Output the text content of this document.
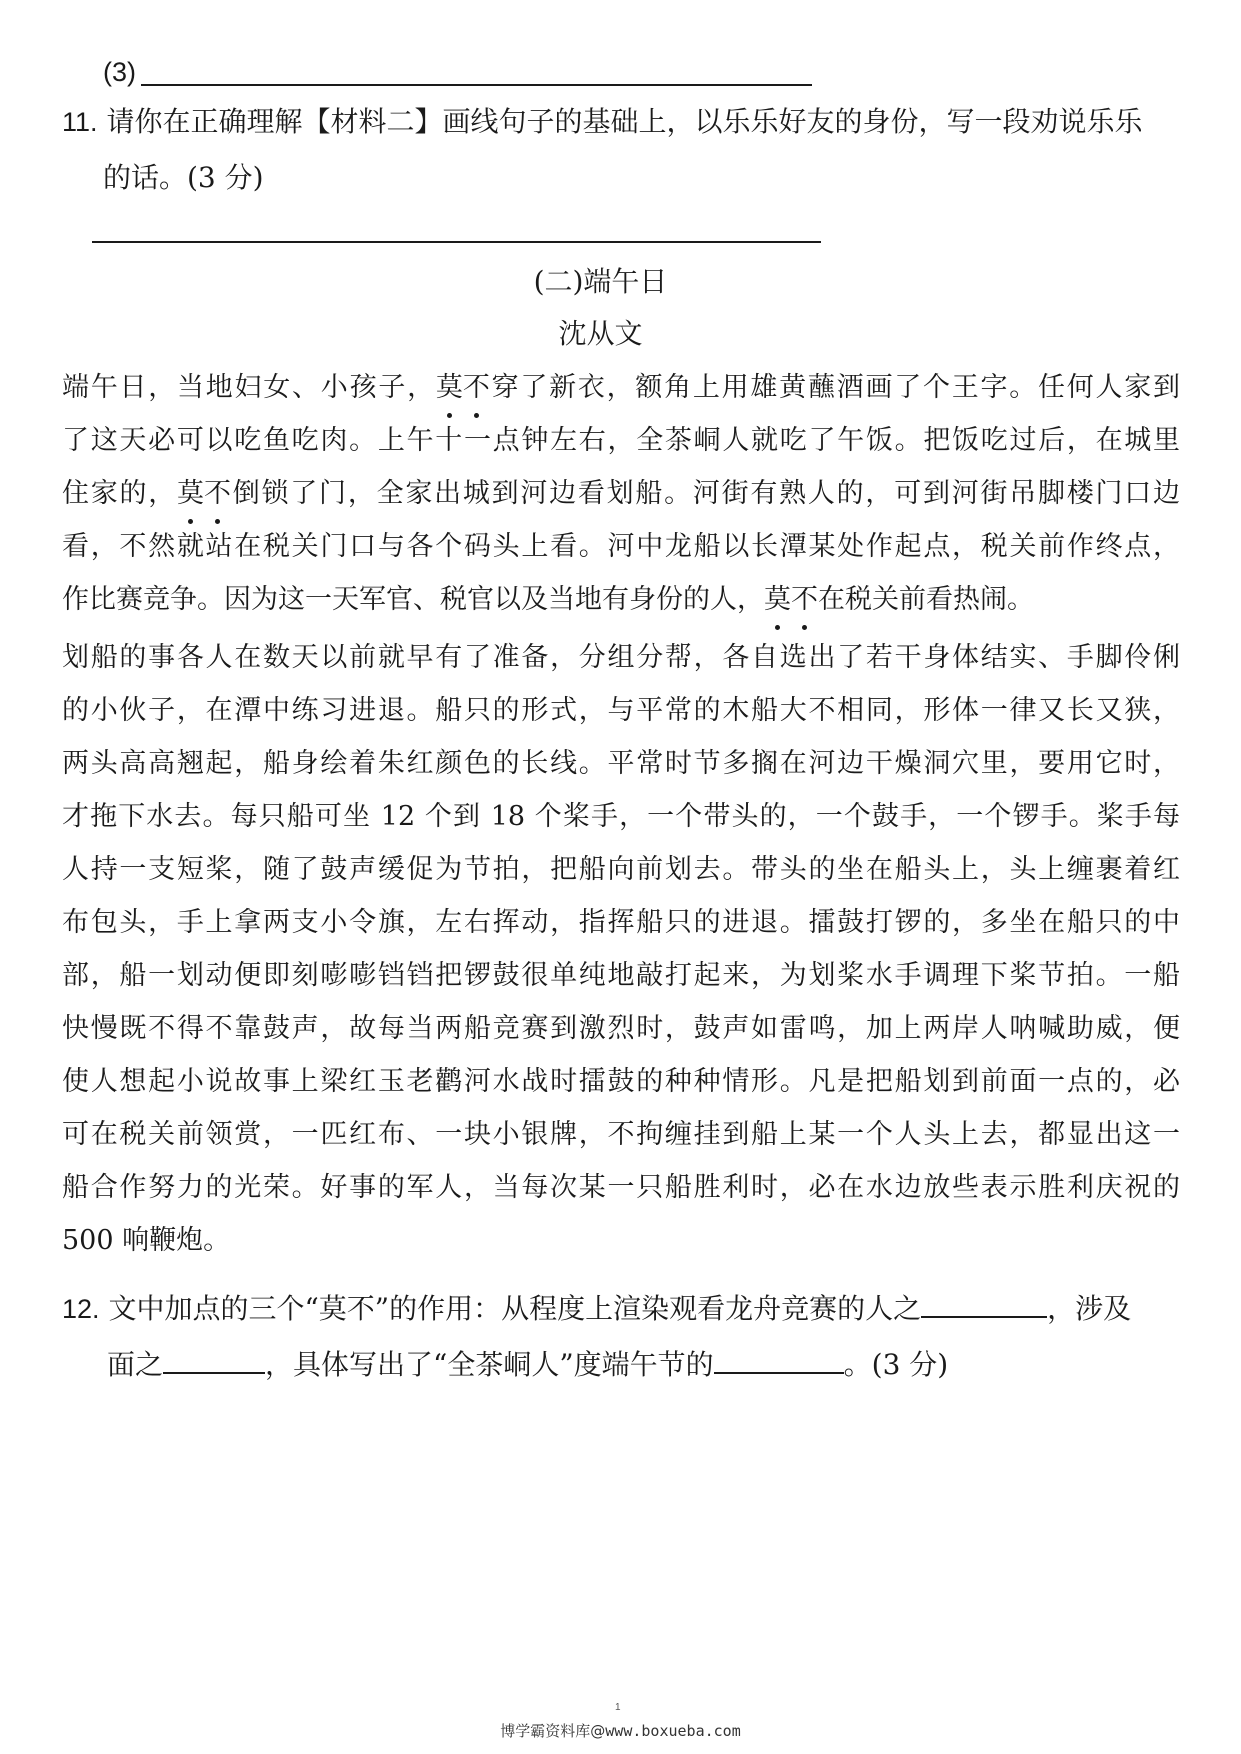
(3)
11. 请你在正确理解【材料二】画线句子的基础上，以乐乐好友的身份，写一段劝说乐乐
的话。(3 分)
(二)端午日
沈从文
端午日，当地妇女、小孩子，莫不穿了新衣，额角上用雄黄蘸酒画了个王字。任何人家到
了这天必可以吃鱼吃肉。上午十一点钟左右，全茶峒人就吃了午饭。把饭吃过后，在城里
住家的，莫不倒锁了门，全家出城到河边看划船。河街有熟人的，可到河街吊脚楼门口边
看，不然就站在税关门口与各个码头上看。河中龙船以长潭某处作起点，税关前作终点，
作比赛竞争。因为这一天军官、税官以及当地有身份的人，莫不在税关前看热闹。
划船的事各人在数天以前就早有了准备，分组分帮，各自选出了若干身体结实、手脚伶俐
的小伙子，在潭中练习进退。船只的形式，与平常的木船大不相同，形体一律又长又狭，
两头高高翘起，船身绘着朱红颜色的长线。平常时节多搁在河边干燥洞穴里，要用它时，
才拖下水去。每只船可坐 12 个到 18 个桨手，一个带头的，一个鼓手，一个锣手。桨手每
人持一支短桨，随了鼓声缓促为节拍，把船向前划去。带头的坐在船头上，头上缠裹着红
布包头，手上拿两支小令旗，左右挥动，指挥船只的进退。擂鼓打锣的，多坐在船只的中
部，船一划动便即刻嘭嘭铛铛把锣鼓很单纯地敲打起来，为划桨水手调理下桨节拍。一船
快慢既不得不靠鼓声，故每当两船竞赛到激烈时，鼓声如雷鸣，加上两岸人呐喊助威，便
使人想起小说故事上梁红玉老鹳河水战时擂鼓的种种情形。凡是把船划到前面一点的，必
可在税关前领赏，一匹红布、一块小银牌，不拘缠挂到船上某一个人头上去，都显出这一
船合作努力的光荣。好事的军人，当每次某一只船胜利时，必在水边放些表示胜利庆祝的
500 响鞭炮。
12. 文中加点的三个“莫不”的作用：从程度上渲染观看龙舟竞赛的人之	，涉及
面之	，具体写出了“全茶峒人”度端午节的	。(3 分)
1
博学霸资料库@www.boxueba.com
